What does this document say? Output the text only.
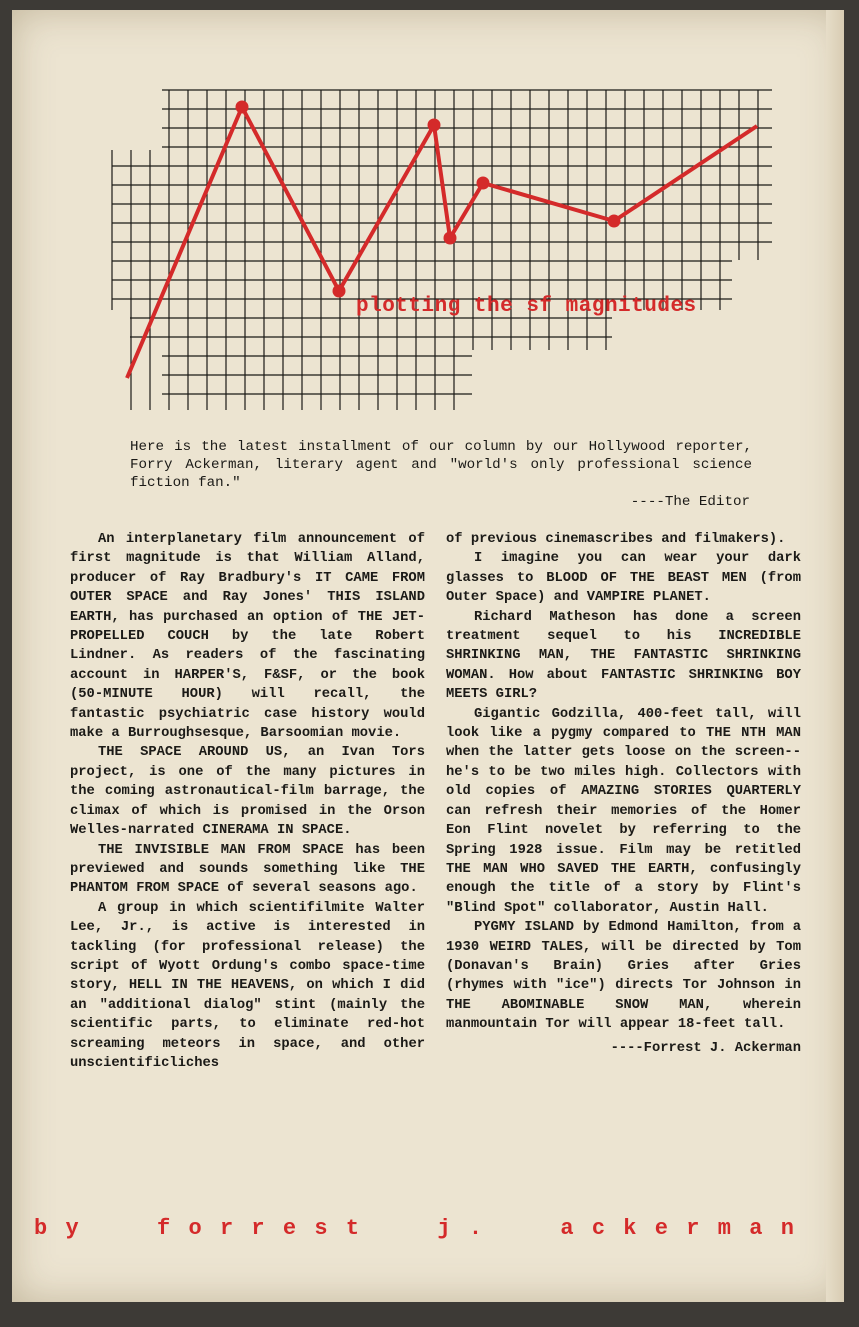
plotting the sf magnitudes
Here is the latest installment of our column by our Hollywood reporter, Forry Ackerman, literary agent and "world's only professional science fiction fan."
----The Editor

An interplanetary film announcement of first magnitude is that William Alland, producer of Ray Bradbury's IT CAME FROM OUTER SPACE and Ray Jones' THIS ISLAND EARTH, has purchased an option of THE JET-PROPELLED COUCH by the late Robert Lindner. As readers of the fascinating account in HARPER'S, F&SF, or the book (50-MINUTE HOUR) will recall, the fantastic psychiatric case history would make a Burroughsesque, Barsoomian movie.

THE SPACE AROUND US, an Ivan Tors project, is one of the many pictures in the coming astronautical-film barrage, the climax of which is promised in the Orson Welles-narrated CINERAMA IN SPACE.

THE INVISIBLE MAN FROM SPACE has been previewed and sounds something like THE PHANTOM FROM SPACE of several seasons ago.

A group in which scientifilmite Walter Lee, Jr., is active is interested in tackling (for professional release) the script of Wyott Ordung's combo space-time story, HELL IN THE HEAVENS, on which I did an "additional dialog" stint (mainly the scientific parts, to eliminate red-hot screaming meteors in space, and other unscientificliches

of previous cinemascribes and filmakers).

I imagine you can wear your dark glasses to BLOOD OF THE BEAST MEN (from Outer Space) and VAMPIRE PLANET.

Richard Matheson has done a screen treatment sequel to his INCREDIBLE SHRINKING MAN, THE FANTASTIC SHRINKING WOMAN. How about FANTASTIC SHRINKING BOY MEETS GIRL?

Gigantic Godzilla, 400-feet tall, will look like a pygmy compared to THE NTH MAN when the latter gets loose on the screen--he's to be two miles high. Collectors with old copies of AMAZING STORIES QUARTERLY can refresh their memories of the Homer Eon Flint novelet by referring to the Spring 1928 issue. Film may be retitled THE MAN WHO SAVED THE EARTH, confusingly enough the title of a story by Flint's "Blind Spot" collaborator, Austin Hall.

PYGMY ISLAND by Edmond Hamilton, from a 1930 WEIRD TALES, will be directed by Tom (Donavan's Brain) Gries after Gries (rhymes with "ice") directs Tor Johnson in THE ABOMINABLE SNOW MAN, wherein manmountain Tor will appear 18-feet tall.

----Forrest J. Ackerman

b y	f o r r e s t	j .	a c k e r m a n
